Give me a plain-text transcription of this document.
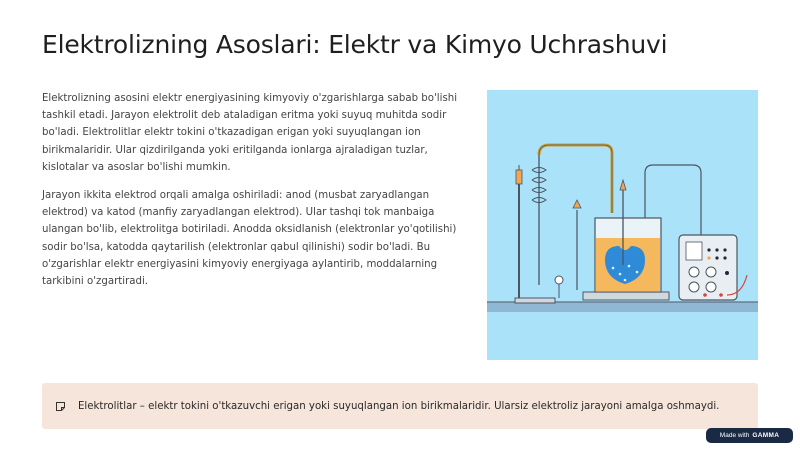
Elektrolizning Asoslari: Elektr va Kimyo Uchrashuvi

Elektrolizning asosini elektr energiyasining kimyoviy o'zgarishlarga sabab bo'lishi tashkil etadi. Jarayon elektrolit deb ataladigan eritma yoki suyuq muhitda sodir bo'ladi. Elektrolitlar elektr tokini o'tkazadigan erigan yoki suyuqlangan ion birikmalaridir. Ular qizdirilganda yoki eritilganda ionlarga ajraladigan tuzlar, kislotalar va asoslar bo'lishi mumkin.

Jarayon ikkita elektrod orqali amalga oshiriladi: anod (musbat zaryadlangan elektrod) va katod (manfiy zaryadlangan elektrod). Ular tashqi tok manbaiga ulangan bo'lib, elektrolitga botiriladi. Anodda oksidlanish (elektronlar yo'qotilishi) sodir bo'lsa, katodda qaytarilish (elektronlar qabul qilinishi) sodir bo'ladi. Bu o'zgarishlar elektr energiyasini kimyoviy energiyaga aylantirib, moddalarning tarkibini o'zgartiradi.

Elektrolitlar – elektr tokini o'tkazuvchi erigan yoki suyuqlangan ion birikmalaridir. Ularsiz elektroliz jarayoni amalga oshmaydi.
Made with GAMMA
